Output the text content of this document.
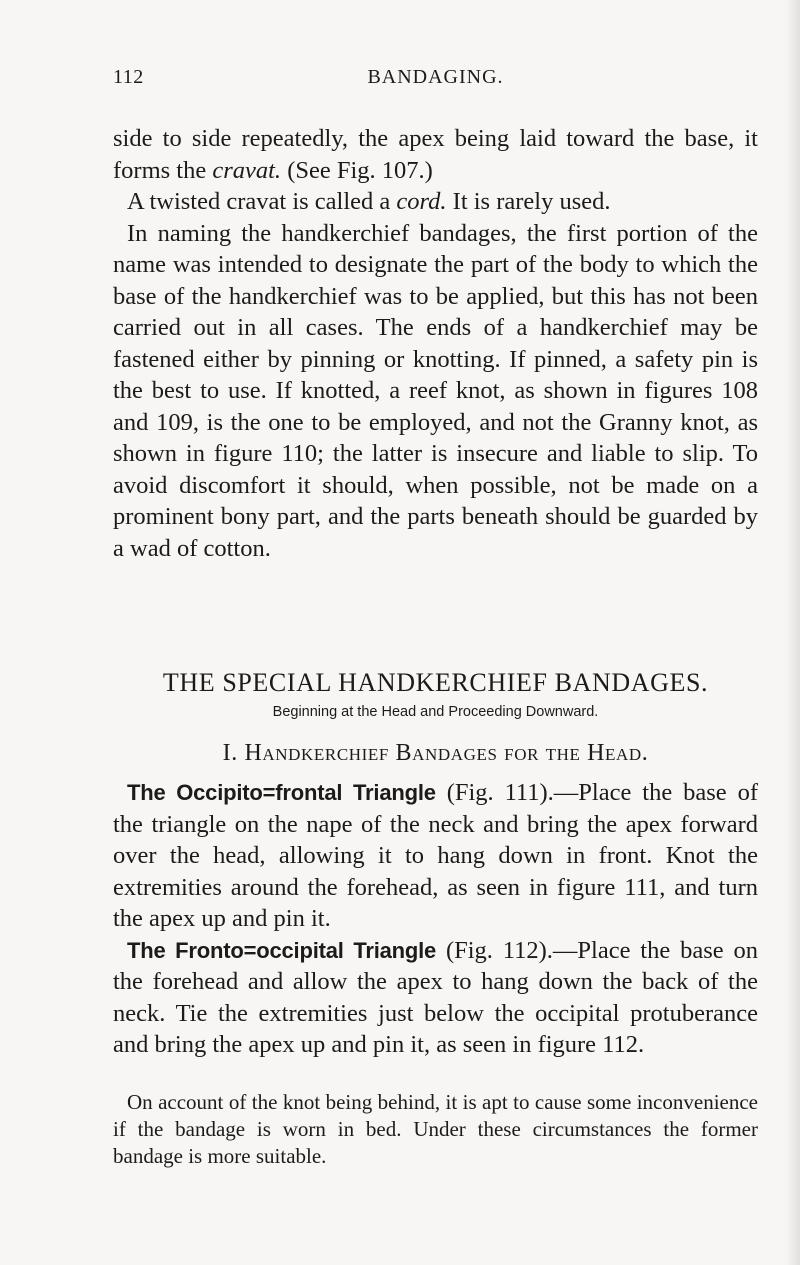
112	BANDAGING.

side to side repeatedly, the apex being laid toward the base, it forms the cravat. (See Fig. 107.)

A twisted cravat is called a cord. It is rarely used.

In naming the handkerchief bandages, the first portion of the name was intended to designate the part of the body to which the base of the handkerchief was to be applied, but this has not been carried out in all cases. The ends of a handkerchief may be fastened either by pinning or knotting. If pinned, a safety pin is the best to use. If knotted, a reef knot, as shown in figures 108 and 109, is the one to be employed, and not the Granny knot, as shown in figure 110; the latter is insecure and liable to slip. To avoid discomfort it should, when possible, not be made on a prominent bony part, and the parts beneath should be guarded by a wad of cotton.

THE SPECIAL HANDKERCHIEF BANDAGES.
Beginning at the Head and Proceeding Downward.
I. Handkerchief Bandages for the Head.

The Occipito=frontal Triangle (Fig. 111).—Place the base of the triangle on the nape of the neck and bring the apex forward over the head, allowing it to hang down in front. Knot the extremities around the forehead, as seen in figure 111, and turn the apex up and pin it.

The Fronto=occipital Triangle (Fig. 112).—Place the base on the forehead and allow the apex to hang down the back of the neck. Tie the extremities just below the occipital protuberance and bring the apex up and pin it, as seen in figure 112.

On account of the knot being behind, it is apt to cause some inconvenience if the bandage is worn in bed. Under these circumstances the former bandage is more suitable.
